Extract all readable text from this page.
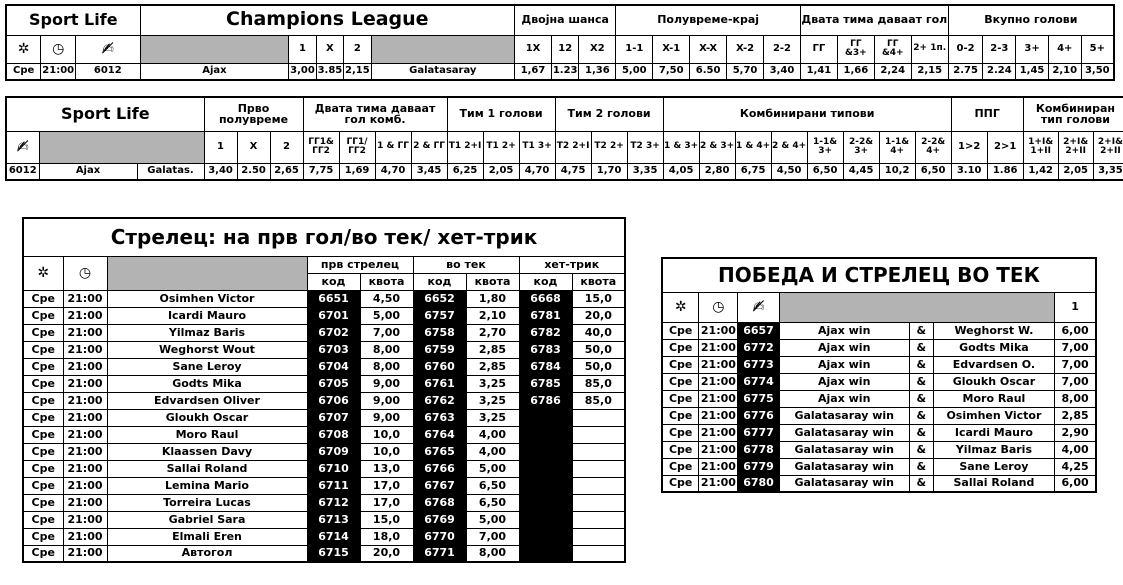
Sport Life			Champions League					Двојна шанса			Полувреме-крај					Двата тима даваат гол				Вкупно голови				
✲	◷	✍̸		1	X	2		1X	12	X2	1-1	X-1	X-X	X-2	2-2	ГГ	ГГ &3+	ГГ &4+	2+ 1п.	0-2	2-3	3+	4+	5+
Сре	21:00	6012	Ajax	3,00	3.85	2,15	Galatasaray	1,67	1.23	1,36	5,00	7,50	6.50	5,70	3,40	1,41	1,66	2,24	2,15	2.75	2.24	1,45	2,10	3,50
Sport Life			Прво полувреме			Двата тима даваат гол комб.				Тим 1 голови			Тим 2 голови			Комбинирани типови								ППГ		Комбиниран тип голови		
✍̸			1	X	2	ГГ1& ГГ2	ГГ1/ ГГ2	1 & ГГ	2 & ГГ	Т1 2+І	Т1 2+	Т1 3+	Т2 2+І	Т2 2+	Т2 3+	1 & 3+	2 & 3+	1 & 4+	2 & 4+	1-1& 3+	2-2& 3+	1-1& 4+	2-2& 4+	1>2	2>1	1+І& 1+ІІ	2+І& 2+ІІ	2+І& 2+ІІ
6012	Ajax	Galatas.	3,40	2.50	2,65	7,75	1,69	4,70	3,45	6,25	2,05	4,70	4,75	1,70	3,35	4,05	2,80	6,75	4,50	6,50	4,45	10,2	6,50	3.10	1.86	1,42	2,05	3,35
Стрелец: на прв гол/во тек/ хет-трик								
✲	◷		прв стрелец		во тек		хет-трик	
			код	квота	код	квота	код	квота
Сре	21:00	Osimhen Victor	6651	4,50	6652	1,80	6668	15,0
Сре	21:00	Icardi Mauro	6701	5,00	6757	2,10	6781	20,0
Сре	21:00	Yilmaz Baris	6702	7,00	6758	2,70	6782	40,0
Сре	21:00	Weghorst Wout	6703	8,00	6759	2,85	6783	50,0
Сре	21:00	Sane Leroy	6704	8,00	6760	2,85	6784	50,0
Сре	21:00	Godts Mika	6705	9,00	6761	3,25	6785	85,0
Сре	21:00	Edvardsen Oliver	6706	9,00	6762	3,25	6786	85,0
Сре	21:00	Gloukh Oscar	6707	9,00	6763	3,25		
Сре	21:00	Moro Raul	6708	10,0	6764	4,00		
Сре	21:00	Klaassen Davy	6709	10,0	6765	4,00		
Сре	21:00	Sallai Roland	6710	13,0	6766	5,00		
Сре	21:00	Lemina Mario	6711	17,0	6767	6,50		
Сре	21:00	Torreira Lucas	6712	17,0	6768	6,50		
Сре	21:00	Gabriel Sara	6713	15,0	6769	5,00		
Сре	21:00	Elmali Eren	6714	18,0	6770	7,00		
Сре	21:00	Автогол	6715	20,0	6771	8,00		
ПОБЕДА И СТРЕЛЕЦ ВО ТЕК						
✲	◷	✍̸				1
Сре	21:00	6657	Ajax win	&	Weghorst W.	6,00
Сре	21:00	6772	Ajax win	&	Godts Mika	7,00
Сре	21:00	6773	Ajax win	&	Edvardsen O.	7,00
Сре	21:00	6774	Ajax win	&	Gloukh Oscar	7,00
Сре	21:00	6775	Ajax win	&	Moro Raul	8,00
Сре	21:00	6776	Galatasaray win	&	Osimhen Victor	2,85
Сре	21:00	6777	Galatasaray win	&	Icardi Mauro	2,90
Сре	21:00	6778	Galatasaray win	&	Yilmaz Baris	4,00
Сре	21:00	6779	Galatasaray win	&	Sane Leroy	4,25
Сре	21:00	6780	Galatasaray win	&	Sallai Roland	6,00
